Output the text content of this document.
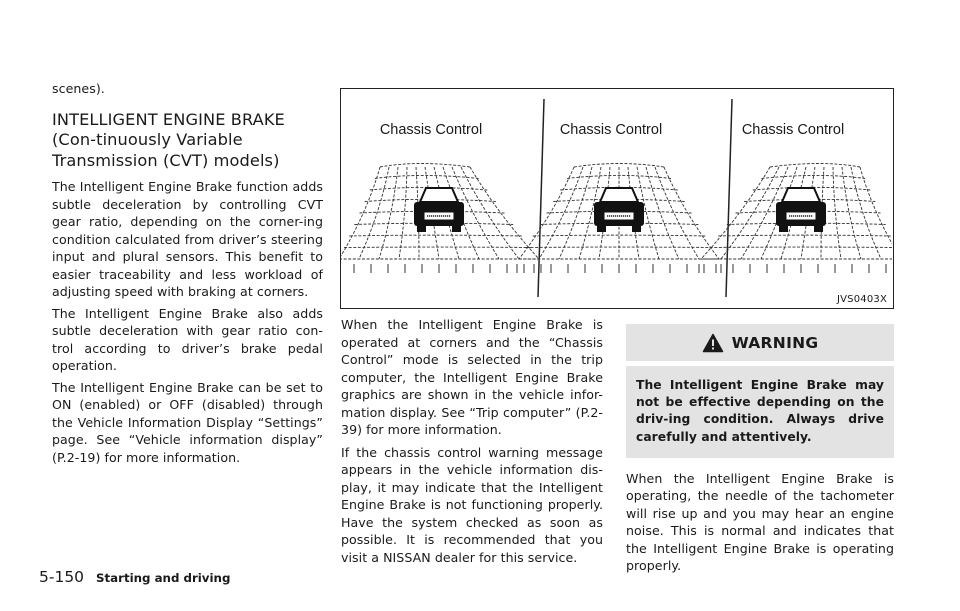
scenes).

INTELLIGENT ENGINE BRAKE (Con-tinuously Variable Transmission (CVT) models)

The Intelligent Engine Brake function adds subtle deceleration by controlling CVT gear ratio, depending on the corner-ing condition calculated from driver’s steering input and plural sensors. This benefit to easier traceability and less workload of adjusting speed with braking at corners.

The Intelligent Engine Brake also adds subtle deceleration with gear ratio con-trol according to driver’s brake pedal operation.

The Intelligent Engine Brake can be set to ON (enabled) or OFF (disabled) through the Vehicle Information Display “Settings” page. See “Vehicle information display” (P.2-19) for more information.

Chassis Control	Chassis Control	Chassis Control
JVS0403X

When the Intelligent Engine Brake is operated at corners and the “Chassis Control” mode is selected in the trip computer, the Intelligent Engine Brake graphics are shown in the vehicle infor-mation display. See “Trip computer” (P.2-39) for more information.

If the chassis control warning message appears in the vehicle information dis-play, it may indicate that the Intelligent Engine Brake is not functioning properly. Have the system checked as soon as possible. It is recommended that you visit a NISSAN dealer for this service.

WARNING

The Intelligent Engine Brake may not be effective depending on the driv-ing condition. Always drive carefully and attentively.

When the Intelligent Engine Brake is operating, the needle of the tachometer will rise up and you may hear an engine noise. This is normal and indicates that the Intelligent Engine Brake is operating properly.

5-150 Starting and driving
